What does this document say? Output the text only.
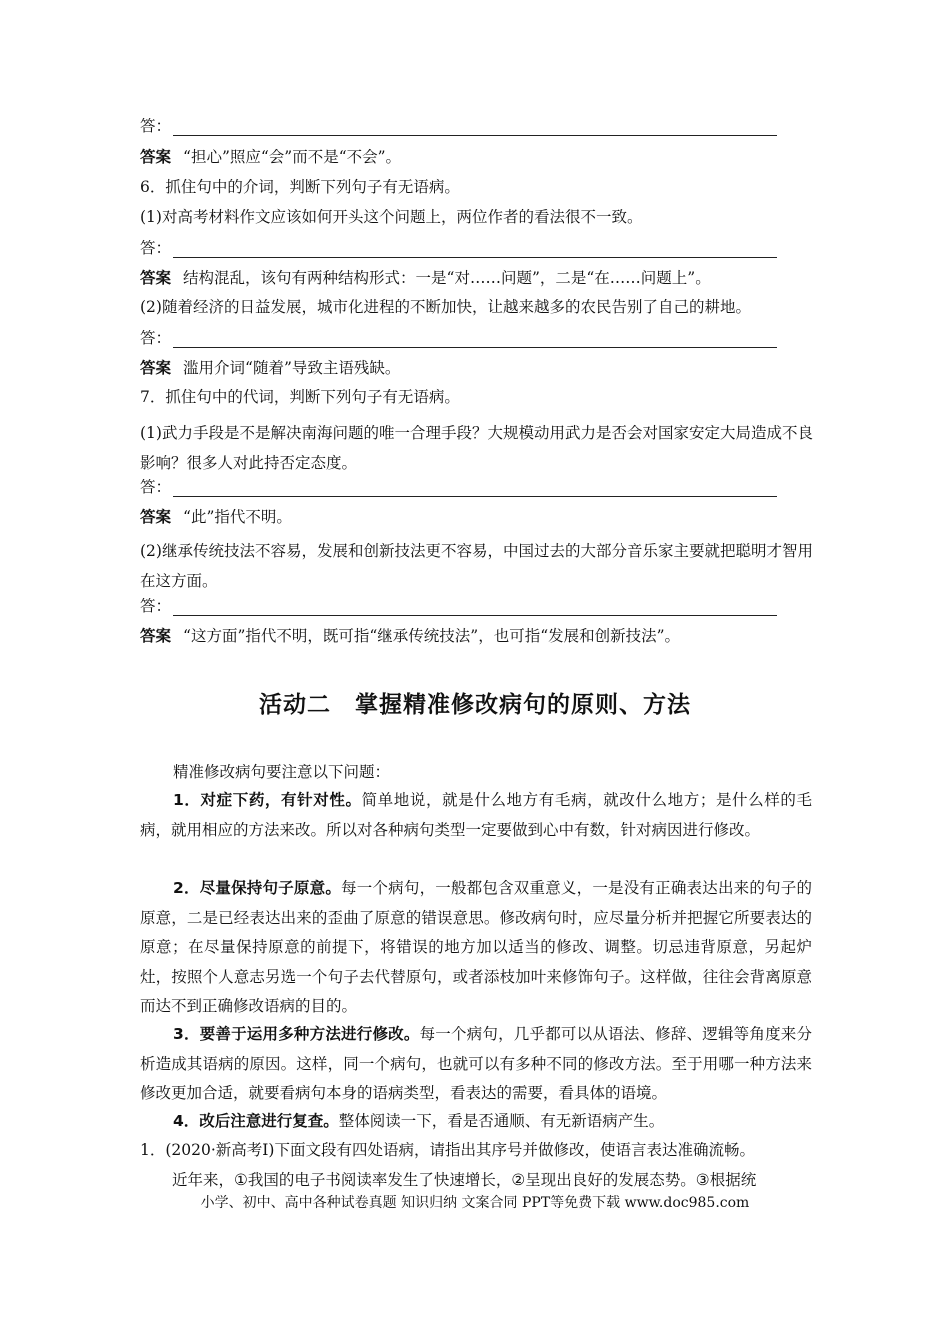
答：
答案 “担心”照应“会”而不是“不会”。
6．抓住句中的介词，判断下列句子有无语病。
(1)对高考材料作文应该如何开头这个问题上，两位作者的看法很不一致。
答：
答案 结构混乱，该句有两种结构形式：一是“对……问题”，二是“在……问题上”。
(2)随着经济的日益发展，城市化进程的不断加快，让越来越多的农民告别了自己的耕地。
答：
答案 滥用介词“随着”导致主语残缺。
7．抓住句中的代词，判断下列句子有无语病。
(1)武力手段是不是解决南海问题的唯一合理手段？大规模动用武力是否会对国家安定大局造成不良影响？很多人对此持否定态度。
答：
答案 “此”指代不明。
(2)继承传统技法不容易，发展和创新技法更不容易，中国过去的大部分音乐家主要就把聪明才智用在这方面。
答：
答案 “这方面”指代不明，既可指“继承传统技法”，也可指“发展和创新技法”。
活动二　掌握精准修改病句的原则、方法
精准修改病句要注意以下问题：
1．对症下药，有针对性。简单地说，就是什么地方有毛病，就改什么地方；是什么样的毛病，就用相应的方法来改。所以对各种病句类型一定要做到心中有数，针对病因进行修改。
2．尽量保持句子原意。每一个病句，一般都包含双重意义，一是没有正确表达出来的句子的原意，二是已经表达出来的歪曲了原意的错误意思。修改病句时，应尽量分析并把握它所要表达的原意；在尽量保持原意的前提下，将错误的地方加以适当的修改、调整。切忌违背原意，另起炉灶，按照个人意志另选一个句子去代替原句，或者添枝加叶来修饰句子。这样做，往往会背离原意而达不到正确修改语病的目的。
3．要善于运用多种方法进行修改。每一个病句，几乎都可以从语法、修辞、逻辑等角度来分析造成其语病的原因。这样，同一个病句，也就可以有多种不同的修改方法。至于用哪一种方法来修改更加合适，就要看病句本身的语病类型，看表达的需要，看具体的语境。
4．改后注意进行复查。整体阅读一下，看是否通顺、有无新语病产生。
1．(2020·新高考Ⅰ)下面文段有四处语病，请指出其序号并做修改，使语言表达准确流畅。
近年来，①我国的电子书阅读率发生了快速增长，②呈现出良好的发展态势。③根据统
小学、初中、高中各种试卷真题 知识归纳 文案合同 PPT等免费下载 www.doc985.com
